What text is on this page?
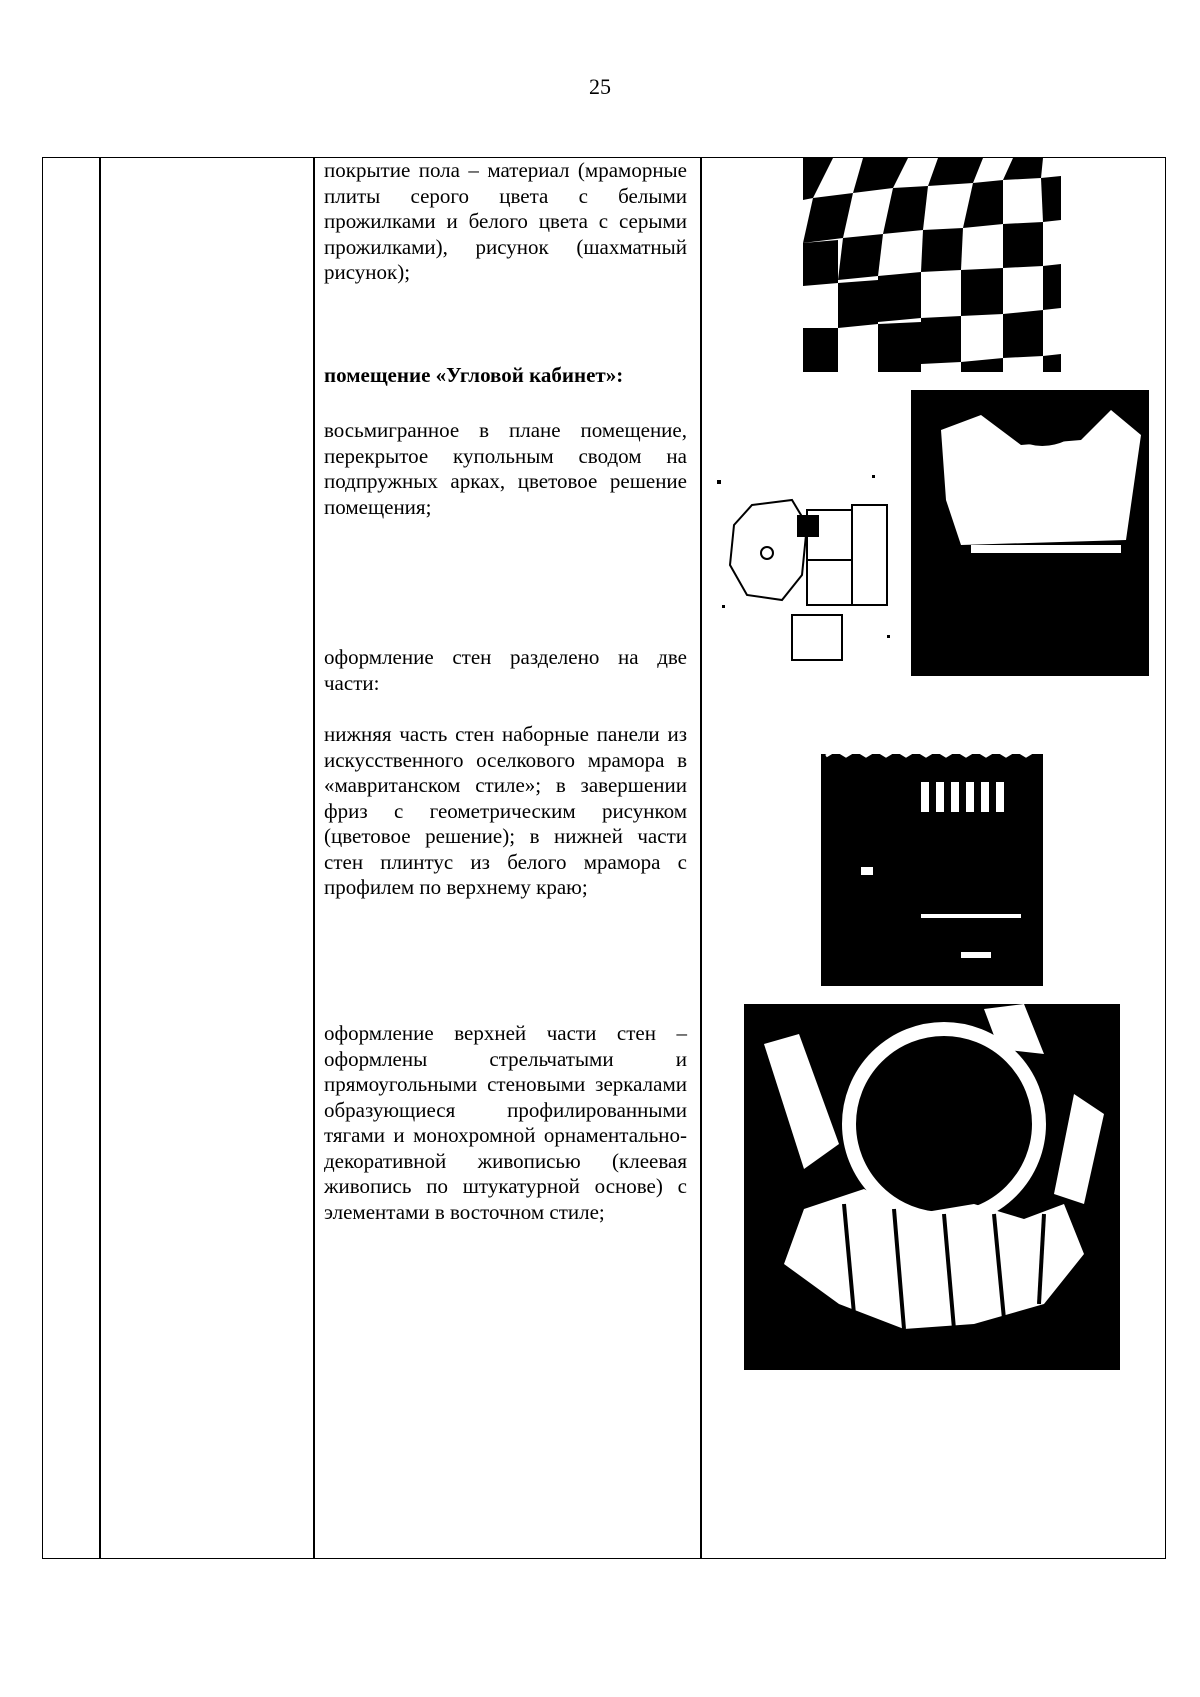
25

покрытие пола – материал (мраморные плиты серого цвета с белыми прожилками и белого цвета с серыми прожилками), рисунок (шахматный рисунок);

помещение «Угловой кабинет»:

восьмигранное в плане помещение, перекрытое купольным сводом на подпружных арках, цветовое решение помещения;

оформление стен разделено на две части:

нижняя часть стен наборные панели из искусственного оселкового мрамора в «мавританском стиле»; в завершении фриз с геометрическим рисунком (цветовое решение); в нижней части стен плинтус из белого мрамора с профилем по верхнему краю;

оформление верхней части стен – оформлены стрельчатыми и прямоугольными стеновыми зеркалами образующиеся профилированными тягами и монохромной орнаментально-декоративной живописью (клеевая живопись по штукатурной основе) с элементами в восточном стиле;
